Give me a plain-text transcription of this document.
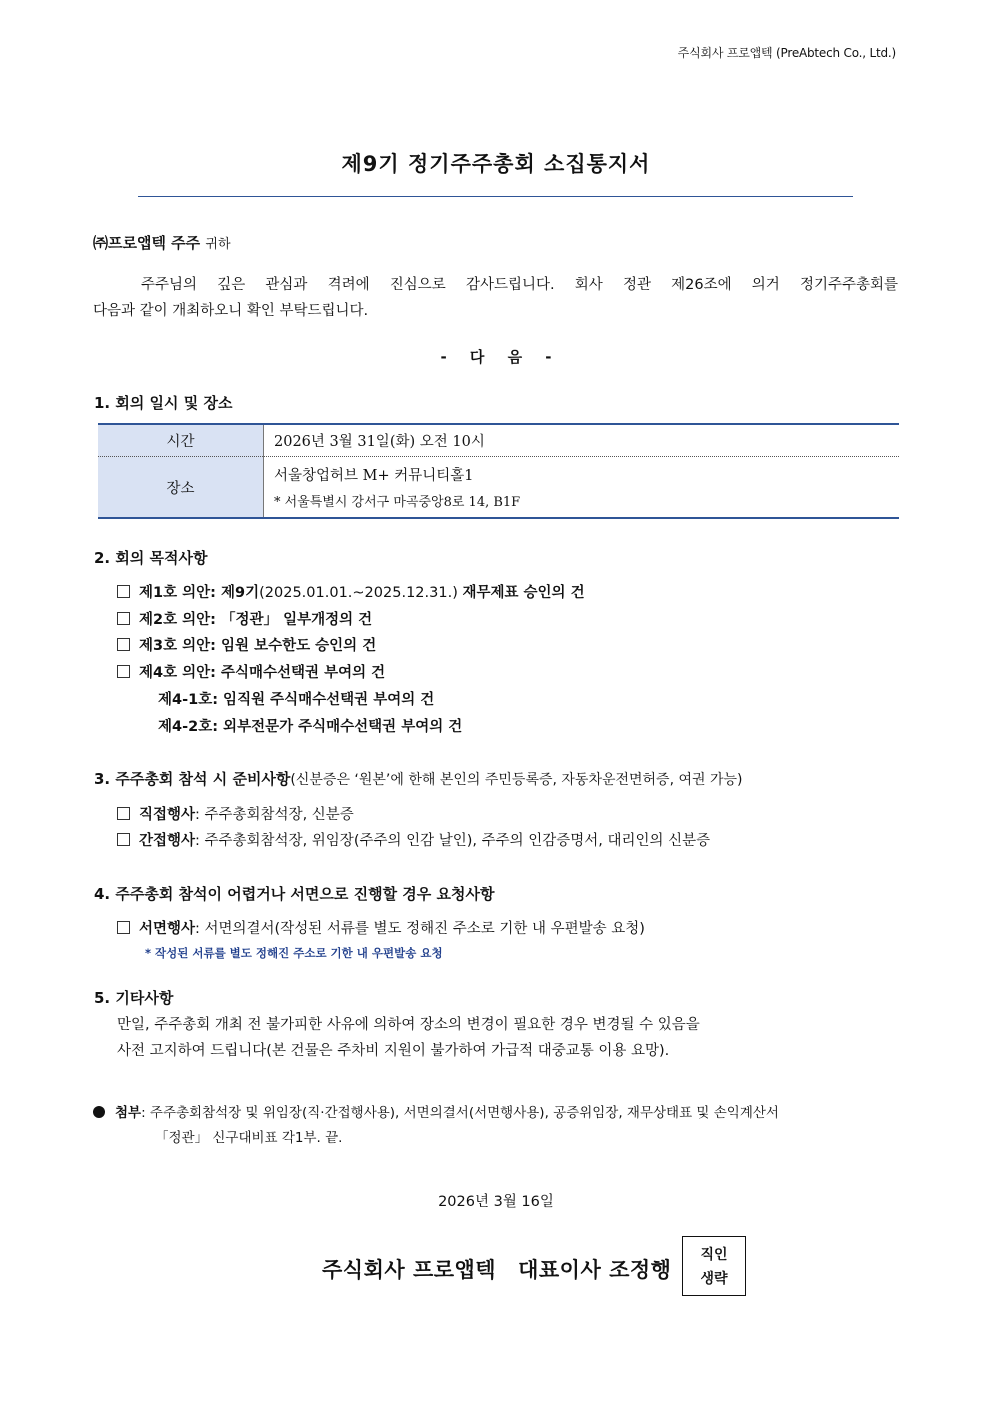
주식회사 프로앱텍 (PreAbtech Co., Ltd.)
제9기 정기주주총회 소집통지서
㈜프로앱텍 주주 귀하
주주님의 깊은 관심과 격려에 진심으로 감사드립니다. 회사 정관 제26조에 의거 정기주주총회를
다음과 같이 개최하오니 확인 부탁드립니다.
- 다 음 -
1. 회의 일시 및 장소
시간	2026년 3월 31일(화) 오전 10시
장소	서울창업허브 M+ 커뮤니티홀1
* 서울특별시 강서구 마곡중앙8로 14, B1F
2. 회의 목적사항
제1호 의안: 제9기(2025.01.01.~2025.12.31.) 재무제표 승인의 건
제2호 의안: 「정관」 일부개정의 건
제3호 의안: 임원 보수한도 승인의 건
제4호 의안: 주식매수선택권 부여의 건
제4-1호: 임직원 주식매수선택권 부여의 건
제4-2호: 외부전문가 주식매수선택권 부여의 건
3. 주주총회 참석 시 준비사항(신분증은 ‘원본’에 한해 본인의 주민등록증, 자동차운전면허증, 여권 가능)
직접행사: 주주총회참석장, 신분증
간접행사: 주주총회참석장, 위임장(주주의 인감 날인), 주주의 인감증명서, 대리인의 신분증
4. 주주총회 참석이 어렵거나 서면으로 진행할 경우 요청사항
서면행사: 서면의결서(작성된 서류를 별도 정해진 주소로 기한 내 우편발송 요청)
* 작성된 서류를 별도 정해진 주소로 기한 내 우편발송 요청
5. 기타사항
만일, 주주총회 개최 전 불가피한 사유에 의하여 장소의 변경이 필요한 경우 변경될 수 있음을
사전 고지하여 드립니다(본 건물은 주차비 지원이 불가하여 가급적 대중교통 이용 요망).
첨부: 주주총회참석장 및 위임장(직·간접행사용), 서면의결서(서면행사용), 공증위임장, 재무상태표 및 손익계산서
「정관」 신구대비표 각1부. 끝.
2026년 3월 16일
주식회사 프로앱텍 대표이사 조정행
직인
생략
